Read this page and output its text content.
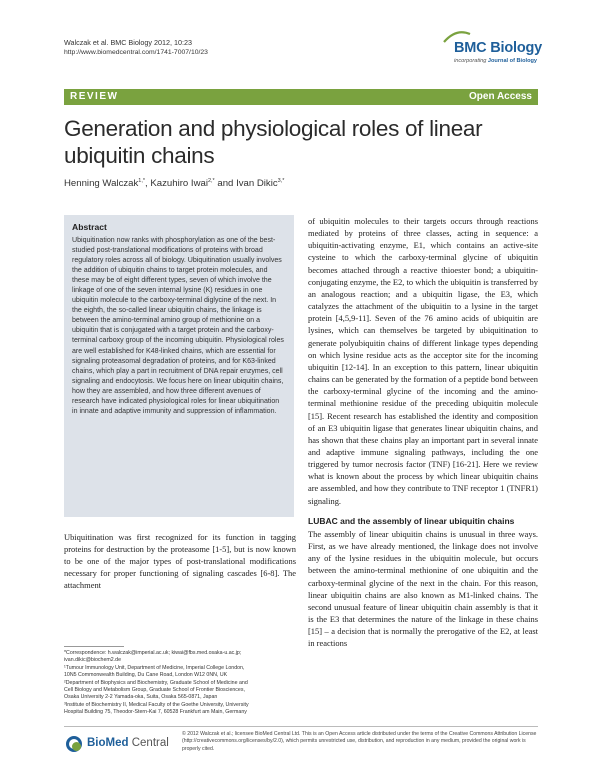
Walczak et al. BMC Biology 2012, 10:23
http://www.biomedcentral.com/1741-7007/10/23	BMC Biology
incorporating Journal of Biology
REVIEW	Open Access
Generation and physiological roles of linear ubiquitin chains
Henning Walczak$^{1,*}$, Kazuhiro Iwai$^{2,*}$ and Ivan Dikic$^{3,*}$
Abstract

Ubiquitination now ranks with phosphorylation as one of the best-studied post-translational modifications of proteins with broad regulatory roles across all of biology. Ubiquitination usually involves the addition of ubiquitin chains to target protein molecules, and these may be of eight different types, seven of which involve the linkage of one of the seven internal lysine (K) residues in one ubiquitin molecule to the carboxy-terminal diglycine of the next. In the eighth, the so-called linear ubiquitin chains, the linkage is between the amino-terminal amino group of methionine on a ubiquitin that is conjugated with a target protein and the carboxy-terminal carboxy group of the incoming ubiquitin. Physiological roles are well established for K48-linked chains, which are essential for signaling proteasomal degradation of proteins, and for K63-linked chains, which play a part in recruitment of DNA repair enzymes, cell signaling and endocytosis. We focus here on linear ubiquitin chains, how they are assembled, and how three different avenues of research have indicated physiological roles for linear ubiquitination in innate and adaptive immunity and suppression of inflammation.

Ubiquitination was first recognized for its function in tagging proteins for destruction by the proteasome [1-5], but is now known to be one of the major types of post-translational modifications necessary for proper functioning of signaling cascades [6-8]. The attachment

of ubiquitin molecules to their targets occurs through reactions mediated by proteins of three classes, acting in sequence: a ubiquitin-activating enzyme, E1, which contains an active-site cysteine to which the carboxy-terminal glycine of ubiquitin becomes attached through a reactive thioester bond; a ubiquitin-conjugating enzyme, the E2, to which the ubiquitin is transferred by an analogous reaction; and a ubiquitin ligase, the E3, which catalyzes the attachment of the ubiquitin to a lysine in the target protein [4,5,9-11]. Seven of the 76 amino acids of ubiquitin are lysines, which can themselves be targeted by ubiquitination to generate polyubiquitin chains of different linkage types depending on which lysine residue acts as the acceptor site for the incoming ubiquitin [12-14]. In an exception to this pattern, linear ubiquitin chains can be generated by the formation of a peptide bond between the carboxy-terminal glycine of the incoming and the amino-terminal methionine residue of the preceding ubiquitin molecule [15]. Recent research has established the identity and composition of an E3 ubiquitin ligase that generates linear ubiquitin chains, and has shown that these chains play an important part in several innate and adaptive immune signaling pathways, including the one triggered by tumor necrosis factor (TNF) [16-21]. Here we review what is known about the process by which linear ubiquitin chains are assembled, and how they contribute to TNF receptor 1 (TNFR1) signaling.

LUBAC and the assembly of linear ubiquitin chains

The assembly of linear ubiquitin chains is unusual in three ways. First, as we have already mentioned, the linkage does not involve any of the lysine residues in the ubiquitin molecule, but occurs between the amino-terminal methionine of one ubiquitin and the carboxy-terminal glycine of the next in the chain. For this reason, linear ubiquitin chains are also known as M1-linked chains. The second unusual feature of linear ubiquitin chain assembly is that it is the E3 that determines the nature of the linkage in these chains [15] – a decision that is normally the prerogative of the E2, at least in reactions

*Correspondence: h.walczak@imperial.ac.uk; kiwai@fbs.med.osaka-u.ac.jp;
ivan.dikic@biochem2.de
¹Tumour Immunology Unit, Department of Medicine, Imperial College London,
10N5 Commonwealth Building, Du Cane Road, London W12 0NN, UK
²Department of Biophysics and Biochemistry, Graduate School of Medicine and
Cell Biology and Metabolism Group, Graduate School of Frontier Biosciences,
Osaka University 2-2 Yamada-oka, Suita, Osaka 565-0871, Japan
³Institute of Biochemistry II, Medical Faculty of the Goethe University, University
Hospital Building 75, Theodor-Stern-Kai 7, 60528 Frankfurt am Main, Germany
BioMed Central

© 2012 Walczak et al.; licensee BioMed Central Ltd. This is an Open Access article distributed under the terms of the Creative Commons Attribution License (http://creativecommons.org/licenses/by/2.0), which permits unrestricted use, distribution, and reproduction in any medium, provided the original work is properly cited.
